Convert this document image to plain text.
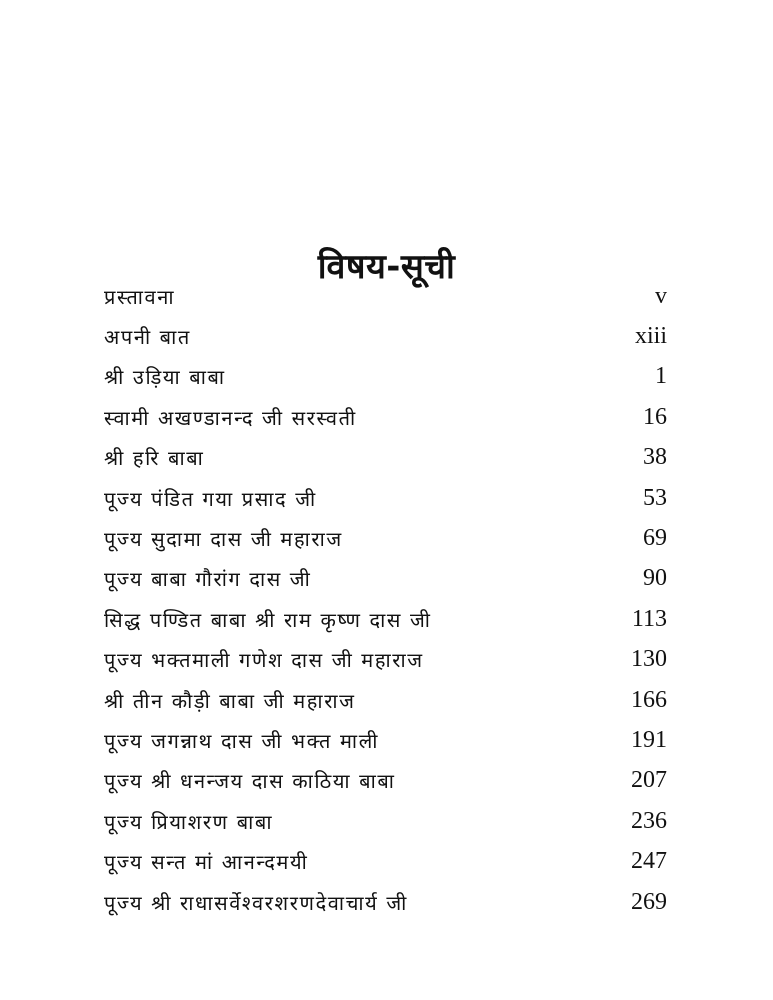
विषय-सूची
प्रस्तावना	v
अपनी बात	xiii
श्री उड़िया बाबा	1
स्वामी अखण्डानन्द जी सरस्वती	16
श्री हरि बाबा	38
पूज्य पंडित गया प्रसाद जी	53
पूज्य सुदामा दास जी महाराज	69
पूज्य बाबा गौरांग दास जी	90
सिद्ध पण्डित बाबा श्री राम कृष्ण दास जी	113
पूज्य भक्तमाली गणेश दास जी महाराज	130
श्री तीन कौड़ी बाबा जी महाराज	166
पूज्य जगन्नाथ दास जी भक्त माली	191
पूज्य श्री धनन्जय दास काठिया बाबा	207
पूज्य प्रियाशरण बाबा	236
पूज्य सन्त मां आनन्दमयी	247
पूज्य श्री राधासर्वेश्वरशरणदेवाचार्य जी	269
